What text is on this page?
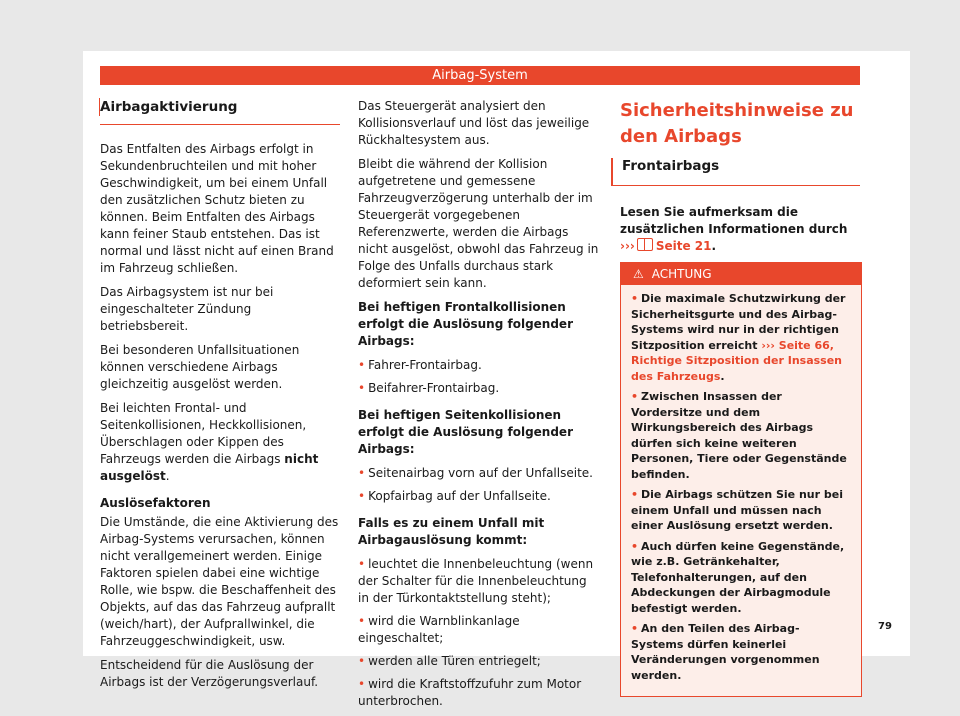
Airbag-System
Airbagaktivierung

Das Entfalten des Airbags erfolgt in Sekundenbruchteilen und mit hoher Geschwindigkeit, um bei einem Unfall den zusätzlichen Schutz bieten zu können. Beim Entfalten des Airbags kann feiner Staub entstehen. Das ist normal und lässt nicht auf einen Brand im Fahrzeug schließen.

Das Airbagsystem ist nur bei eingeschalteter Zündung betriebsbereit.

Bei besonderen Unfallsituationen können verschiedene Airbags gleichzeitig ausgelöst werden.

Bei leichten Frontal- und Seitenkollisionen, Heckkollisionen, Überschlagen oder Kippen des Fahrzeugs werden die Airbags nicht ausgelöst.

Auslösefaktoren

Die Umstände, die eine Aktivierung des Airbag-Systems verursachen, können nicht verallgemeinert werden. Einige Faktoren spielen dabei eine wichtige Rolle, wie bspw. die Beschaffenheit des Objekts, auf das das Fahrzeug aufprallt (weich/hart), der Aufprallwinkel, die Fahrzeuggeschwindigkeit, usw.

Entscheidend für die Auslösung der Airbags ist der Verzögerungsverlauf.

Das Steuergerät analysiert den Kollisionsverlauf und löst das jeweilige Rückhaltesystem aus.

Bleibt die während der Kollision aufgetretene und gemessene Fahrzeugverzögerung unterhalb der im Steuergerät vorgegebenen Referenzwerte, werden die Airbags nicht ausgelöst, obwohl das Fahrzeug in Folge des Unfalls durchaus stark deformiert sein kann.

Bei heftigen Frontalkollisionen erfolgt die Auslösung folgender Airbags:

• Fahrer-Frontairbag.
• Beifahrer-Frontairbag.

Bei heftigen Seitenkollisionen erfolgt die Auslösung folgender Airbags:

• Seitenairbag vorn auf der Unfallseite.
• Kopfairbag auf der Unfallseite.

Falls es zu einem Unfall mit Airbagauslösung kommt:

• leuchtet die Innenbeleuchtung (wenn der Schalter für die Innenbeleuchtung in der Türkontaktstellung steht);
• wird die Warnblinkanlage eingeschaltet;
• werden alle Türen entriegelt;
• wird die Kraftstoffzufuhr zum Motor unterbrochen.
Sicherheitshinweise zu den Airbags
Frontairbags

Lesen Sie aufmerksam die zusätzlichen Informationen durch ››› Seite 21.

⚠ ACHTUNG

• Die maximale Schutzwirkung der Sicherheitsgurte und des Airbag-Systems wird nur in der richtigen Sitzposition erreicht ››› Seite 66, Richtige Sitzposition der Insassen des Fahrzeugs.

• Zwischen Insassen der Vordersitze und dem Wirkungsbereich des Airbags dürfen sich keine weiteren Personen, Tiere oder Gegenstände befinden.

• Die Airbags schützen Sie nur bei einem Unfall und müssen nach einer Auslösung ersetzt werden.

• Auch dürfen keine Gegenstände, wie z.B. Getränkehalter, Telefonhalterungen, auf den Abdeckungen der Airbagmodule befestigt werden.

• An den Teilen des Airbag-Systems dürfen keinerlei Veränderungen vorgenommen werden.

79
